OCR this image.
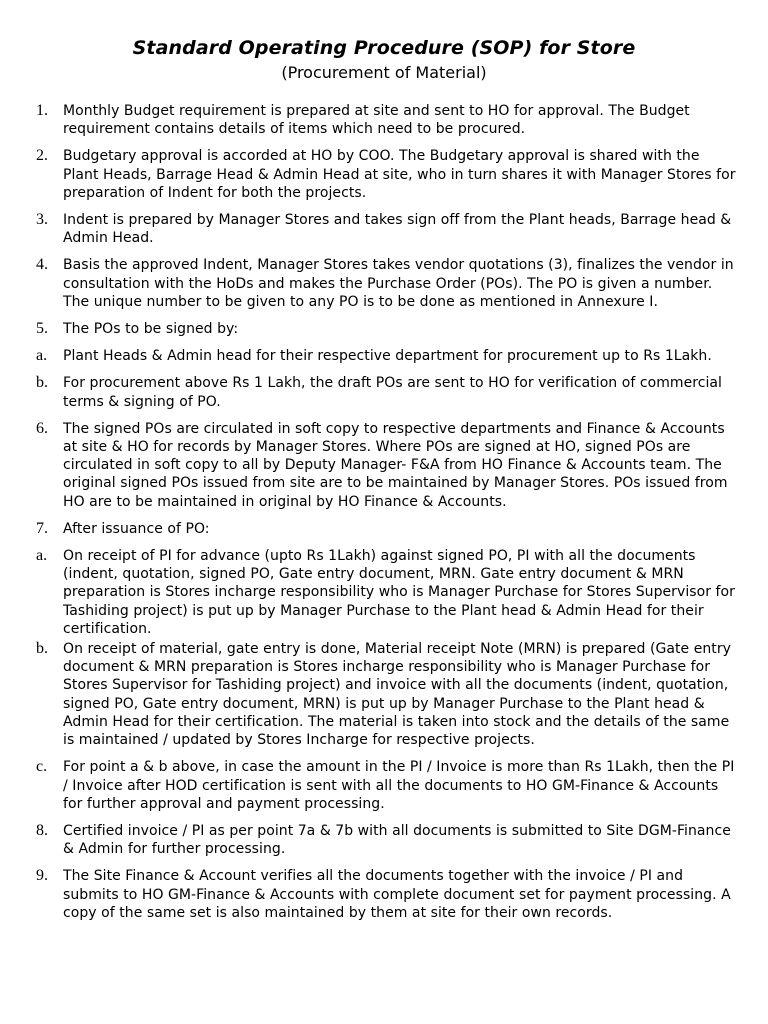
Standard Operating Procedure (SOP) for Store
(Procurement of Material)
1. Monthly Budget requirement is prepared at site and sent to HO for approval. The Budget requirement contains details of items which need to be procured.
2. Budgetary approval is accorded at HO by COO. The Budgetary approval is shared with the Plant Heads, Barrage Head & Admin Head at site, who in turn shares it with Manager Stores for preparation of Indent for both the projects.
3. Indent is prepared by Manager Stores and takes sign off from the Plant heads, Barrage head & Admin Head.
4. Basis the approved Indent, Manager Stores takes vendor quotations (3), finalizes the vendor in consultation with the HoDs and makes the Purchase Order (POs). The PO is given a number. The unique number to be given to any PO is to be done as mentioned in Annexure I.
5. The POs to be signed by:
a. Plant Heads & Admin head for their respective department for procurement up to Rs 1Lakh.
b. For procurement above Rs 1 Lakh, the draft POs are sent to HO for verification of commercial terms & signing of PO.
6. The signed POs are circulated in soft copy to respective departments and Finance & Accounts at site & HO for records by Manager Stores. Where POs are signed at HO, signed POs are circulated in soft copy to all by Deputy Manager- F&A from HO Finance & Accounts team. The original signed POs issued from site are to be maintained by Manager Stores. POs issued from HO are to be maintained in original by HO Finance & Accounts.
7. After issuance of PO:
a. On receipt of PI for advance (upto Rs 1Lakh) against signed PO, PI with all the documents (indent, quotation, signed PO, Gate entry document, MRN. Gate entry document & MRN preparation is Stores incharge responsibility who is Manager Purchase for Stores Supervisor for Tashiding project) is put up by Manager Purchase to the Plant head & Admin Head for their certification.
b. On receipt of material, gate entry is done, Material receipt Note (MRN) is prepared (Gate entry document & MRN preparation is Stores incharge responsibility who is Manager Purchase for Stores Supervisor for Tashiding project) and invoice with all the documents (indent, quotation, signed PO, Gate entry document, MRN) is put up by Manager Purchase to the Plant head & Admin Head for their certification. The material is taken into stock and the details of the same is maintained / updated by Stores Incharge for respective projects.
c. For point a & b above, in case the amount in the PI / Invoice is more than Rs 1Lakh, then the PI / Invoice after HOD certification is sent with all the documents to HO GM-Finance & Accounts for further approval and payment processing.
8. Certified invoice / PI as per point 7a & 7b with all documents is submitted to Site DGM-Finance & Admin for further processing.
9. The Site Finance & Account verifies all the documents together with the invoice / PI and submits to HO GM-Finance & Accounts with complete document set for payment processing. A copy of the same set is also maintained by them at site for their own records.
